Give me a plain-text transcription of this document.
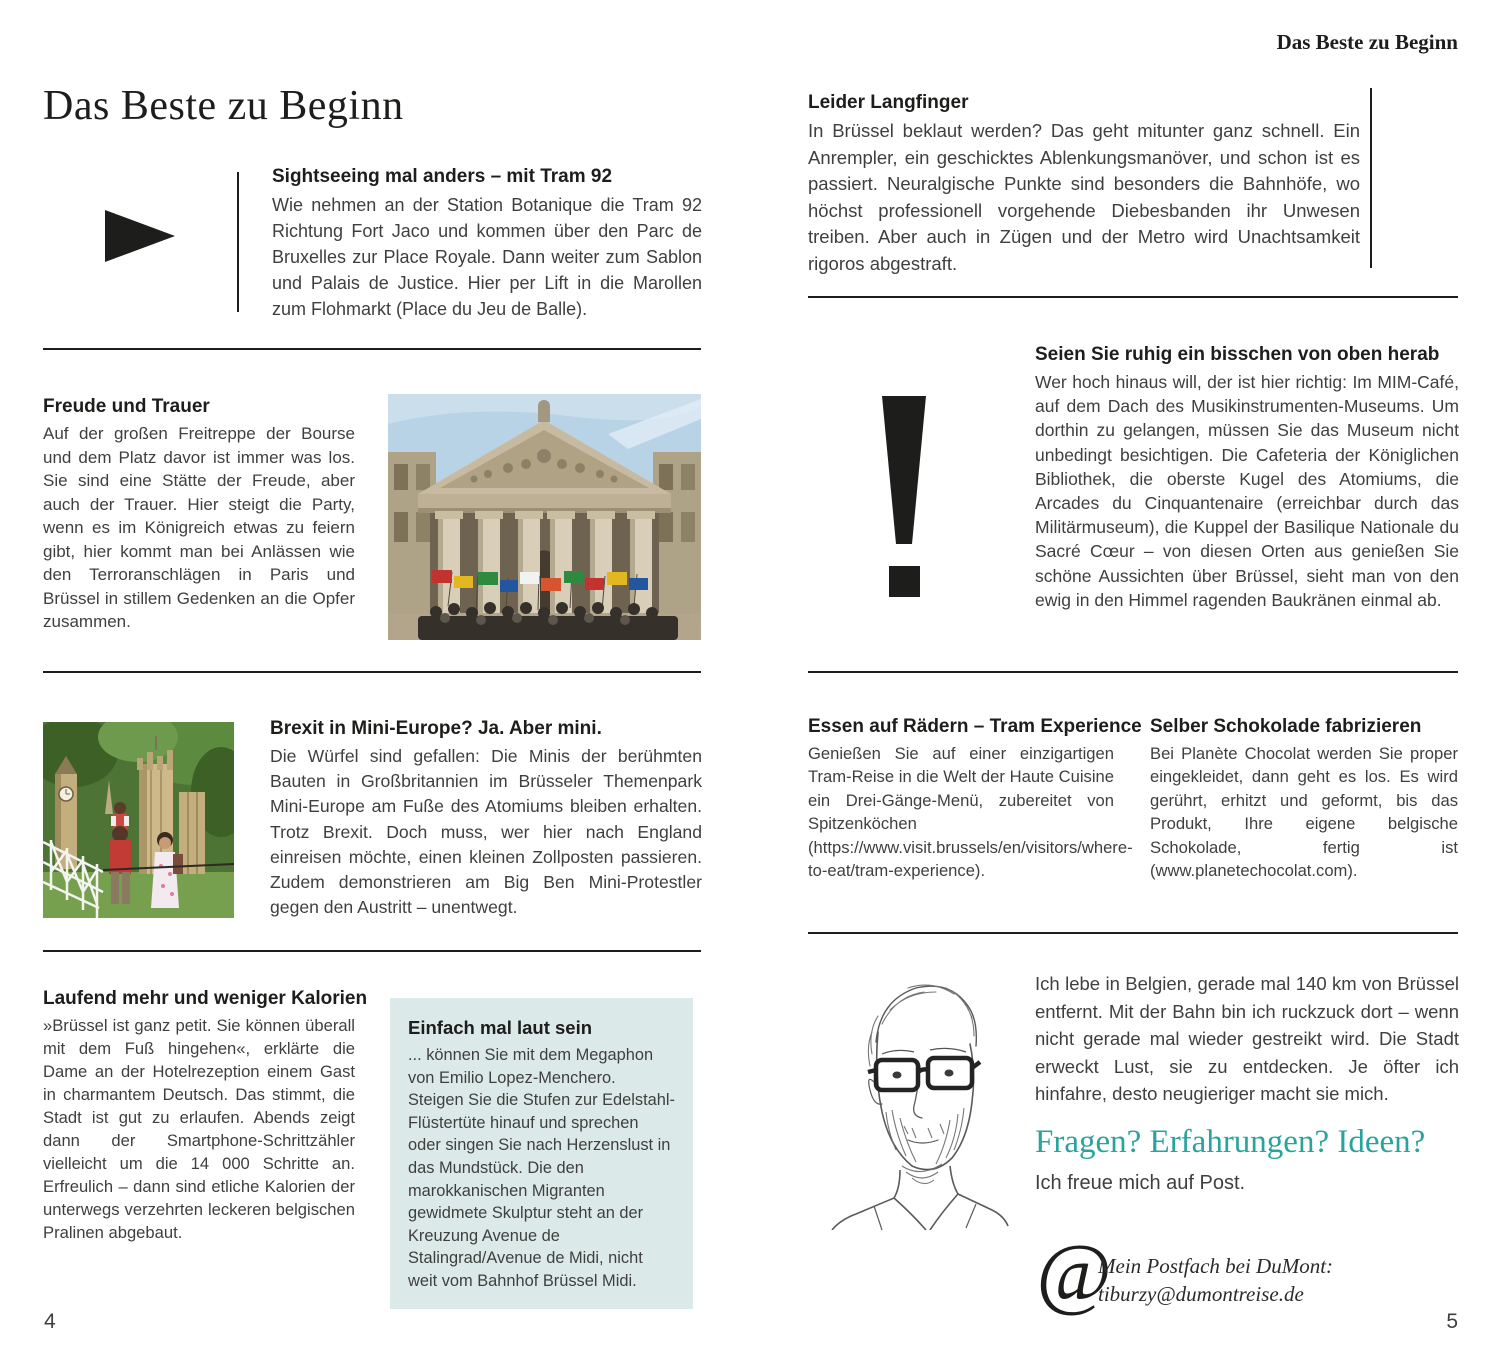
Das Beste zu Beginn
Sightseeing mal anders – mit Tram 92

Wie nehmen an der Station Botanique die Tram 92 Richtung Fort Jaco und kommen über den Parc de Bruxelles zur Place Royale. Dann weiter zum Sablon und Palais de Justice. Hier per Lift in die Marollen zum Flohmarkt (Place du Jeu de Balle).

Freude und Trauer

Auf der großen Freitreppe der Bourse und dem Platz davor ist immer was los. Sie sind eine Stätte der Freude, aber auch der Trauer. Hier steigt die Party, wenn es im Königreich etwas zu feiern gibt, hier kommt man bei Anlässen wie den Terroranschlägen in Paris und Brüssel in stillem Gedenken an die Opfer zusammen.

Brexit in Mini-Europe? Ja. Aber mini.

Die Würfel sind gefallen: Die Minis der berühmten Bauten in Großbritannien im Brüsseler Themenpark Mini-Europe am Fuße des Atomiums bleiben erhalten. Trotz Brexit. Doch muss, wer hier nach England einreisen möchte, einen kleinen Zollposten passieren. Zudem demonstrieren am Big Ben Mini-Protestler gegen den Austritt – unentwegt.

Laufend mehr und weniger Kalorien

»Brüssel ist ganz petit. Sie können überall mit dem Fuß hingehen«, erklärte die Dame an der Hotelrezeption einem Gast in charmantem Deutsch. Das stimmt, die Stadt ist gut zu erlaufen. Abends zeigt dann der Smartphone-Schrittzähler vielleicht um die 14 000 Schritte an. Erfreulich – dann sind etliche Kalorien der unterwegs verzehrten leckeren belgischen Pralinen abgebaut.

Einfach mal laut sein

... können Sie mit dem Megaphon von Emilio Lopez-Menchero. Steigen Sie die Stufen zur Edelstahl-Flüstertüte hinauf und sprechen oder singen Sie nach Herzenslust in das Mundstück. Die den marokkanischen Migranten gewidmete Skulptur steht an der Kreuzung Avenue de Stalingrad/Avenue de Midi, nicht weit vom Bahnhof Brüssel Midi.

4
Das Beste zu Beginn
Leider Langfinger

In Brüssel beklaut werden? Das geht mitunter ganz schnell. Ein Anrempler, ein geschicktes Ablenkungsmanöver, und schon ist es passiert. Neuralgische Punkte sind besonders die Bahnhöfe, wo höchst professionell vorgehende Diebesbanden ihr Unwesen treiben. Aber auch in Zügen und der Metro wird Unachtsamkeit rigoros abgestraft.

Seien Sie ruhig ein bisschen von oben herab

Wer hoch hinaus will, der ist hier richtig: Im MIM-Café, auf dem Dach des Musikinstrumenten-Museums. Um dorthin zu gelangen, müssen Sie das Museum nicht unbedingt besichtigen. Die Cafeteria der Königlichen Bibliothek, die oberste Kugel des Atomiums, die Arcades du Cinquantenaire (erreichbar durch das Militärmuseum), die Kuppel der Basilique Nationale du Sacré Cœur – von diesen Orten aus genießen Sie schöne Aussichten über Brüssel, sieht man von den ewig in den Himmel ragenden Baukränen einmal ab.

Essen auf Rädern – Tram Experience

Genießen Sie auf einer einzigartigen Tram-Reise in die Welt der Haute Cuisine ein Drei-Gänge-Menü, zubereitet von Spitzenköchen (https://www.visit.brussels/en/visitors/where-to-eat/tram-experience).

Selber Schokolade fabrizieren

Bei Planète Chocolat werden Sie proper eingekleidet, dann geht es los. Es wird gerührt, erhitzt und geformt, bis das Produkt, Ihre eigene belgische Schokolade, fertig ist (www.planetechocolat.com).

Ich lebe in Belgien, gerade mal 140 km von Brüssel entfernt. Mit der Bahn bin ich ruckzuck dort – wenn nicht gerade mal wieder gestreikt wird. Die Stadt erweckt Lust, sie zu entdecken. Je öfter ich hinfahre, desto neugieriger macht sie mich.

Fragen? Erfahrungen? Ideen?
Ich freue mich auf Post.
@
Mein Postfach bei DuMont:
tiburzy@dumontreise.de
5
